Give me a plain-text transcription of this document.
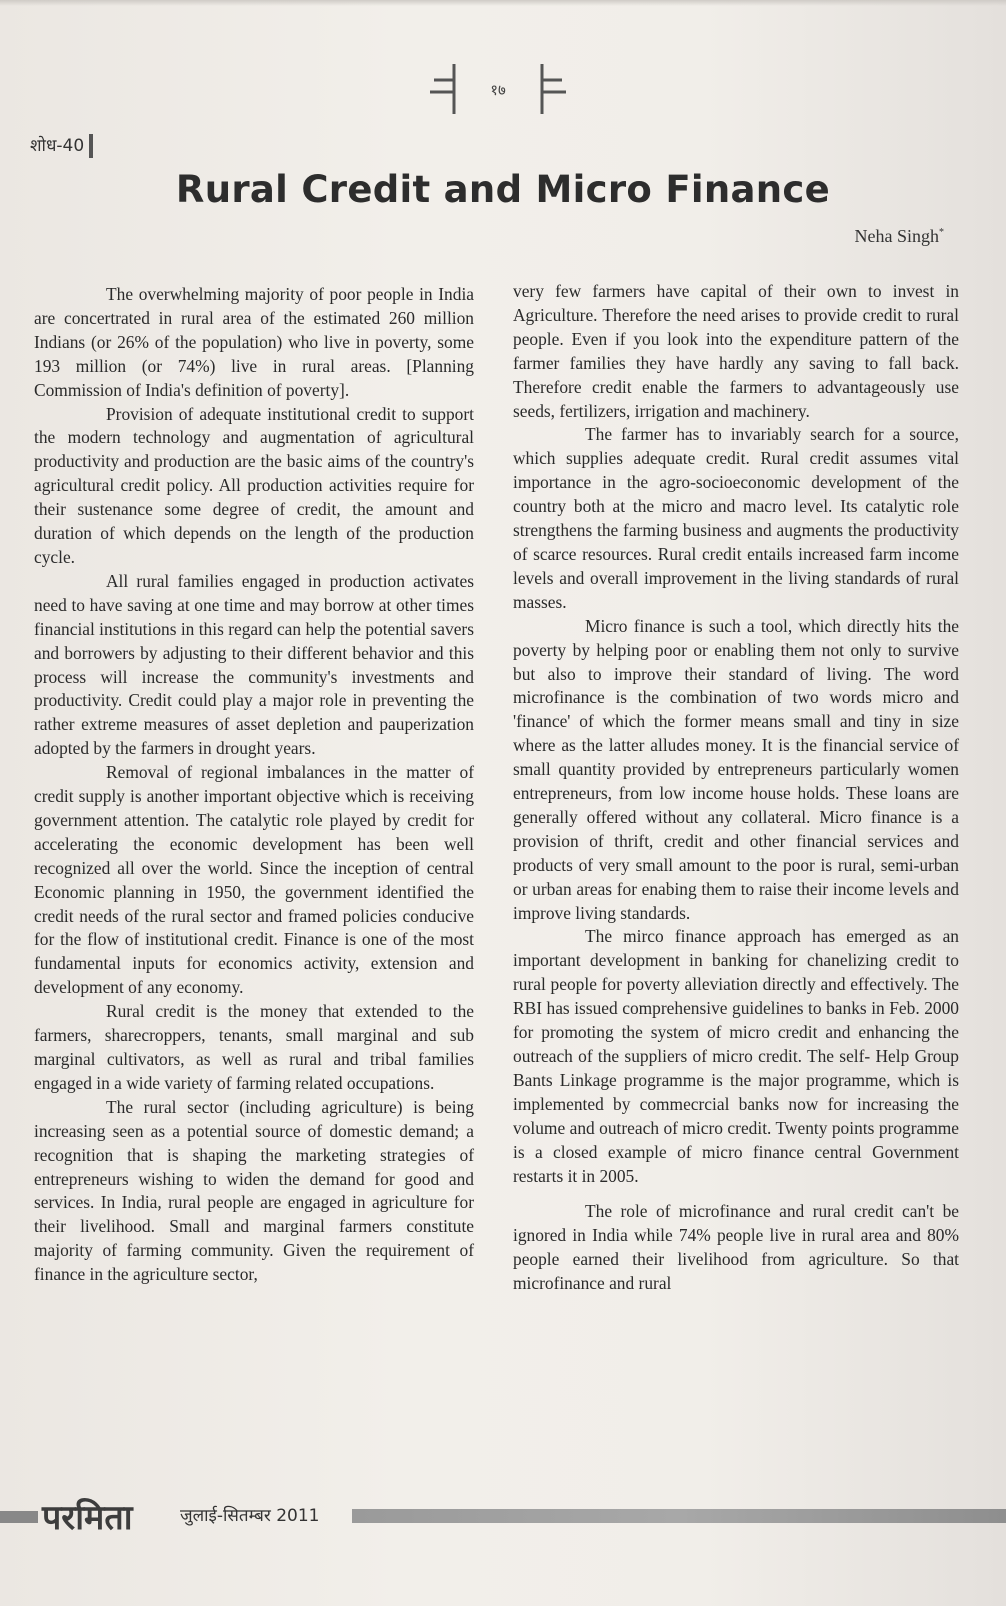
१७
शोध-40
Rural Credit and Micro Finance
Neha Singh*

The overwhelming majority of poor people in India are concertrated in rural area of the estimated 260 million Indians (or 26% of the population) who live in poverty, some 193 million (or 74%) live in rural areas. [Planning Commission of India's definition of poverty].

Provision of adequate institutional credit to support the modern technology and augmentation of agricultural productivity and production are the basic aims of the country's agricultural credit policy. All production activities require for their sustenance some degree of credit, the amount and duration of which depends on the length of the production cycle.

All rural families engaged in production activates need to have saving at one time and may borrow at other times financial institutions in this regard can help the potential savers and borrowers by adjusting to their different behavior and this process will increase the community's investments and productivity. Credit could play a major role in preventing the rather extreme measures of asset depletion and pauperization adopted by the farmers in drought years.

Removal of regional imbalances in the matter of credit supply is another important objective which is receiving government attention. The catalytic role played by credit for accelerating the economic development has been well recognized all over the world. Since the inception of central Economic planning in 1950, the government identified the credit needs of the rural sector and framed policies conducive for the flow of institutional credit. Finance is one of the most fundamental inputs for economics activity, extension and development of any economy.

Rural credit is the money that extended to the farmers, sharecroppers, tenants, small marginal and sub marginal cultivators, as well as rural and tribal families engaged in a wide variety of farming related occupations.

The rural sector (including agriculture) is being increasing seen as a potential source of domestic demand; a recognition that is shaping the marketing strategies of entrepreneurs wishing to widen the demand for good and services. In India, rural people are engaged in agriculture for their livelihood. Small and marginal farmers constitute majority of farming community. Given the requirement of finance in the agriculture sector,

very few farmers have capital of their own to invest in Agriculture. Therefore the need arises to provide credit to rural people. Even if you look into the expenditure pattern of the farmer families they have hardly any saving to fall back. Therefore credit enable the farmers to advantageously use seeds, fertilizers, irrigation and machinery.

The farmer has to invariably search for a source, which supplies adequate credit. Rural credit assumes vital importance in the agro-socioeconomic development of the country both at the micro and macro level. Its catalytic role strengthens the farming business and augments the productivity of scarce resources. Rural credit entails increased farm income levels and overall improvement in the living standards of rural masses.

Micro finance is such a tool, which directly hits the poverty by helping poor or enabling them not only to survive but also to improve their standard of living. The word microfinance is the combination of two words micro and 'finance' of which the former means small and tiny in size where as the latter alludes money. It is the financial service of small quantity provided by entrepreneurs particularly women entrepreneurs, from low income house holds. These loans are generally offered without any collateral. Micro finance is a provision of thrift, credit and other financial services and products of very small amount to the poor is rural, semi-urban or urban areas for enabing them to raise their income levels and improve living standards.

The mirco finance approach has emerged as an important development in banking for chanelizing credit to rural people for poverty alleviation directly and effectively. The RBI has issued comprehensive guidelines to banks in Feb. 2000 for promoting the system of micro credit and enhancing the outreach of the suppliers of micro credit. The self- Help Group Bants Linkage programme is the major programme, which is implemented by commecrcial banks now for increasing the volume and outreach of micro credit. Twenty points programme is a closed example of micro finance central Government restarts it in 2005.

The role of microfinance and rural credit can't be ignored in India while 74% people live in rural area and 80% people earned their livelihood from agriculture. So that microfinance and rural

परमिता	जुलाई-सितम्बर 2011
